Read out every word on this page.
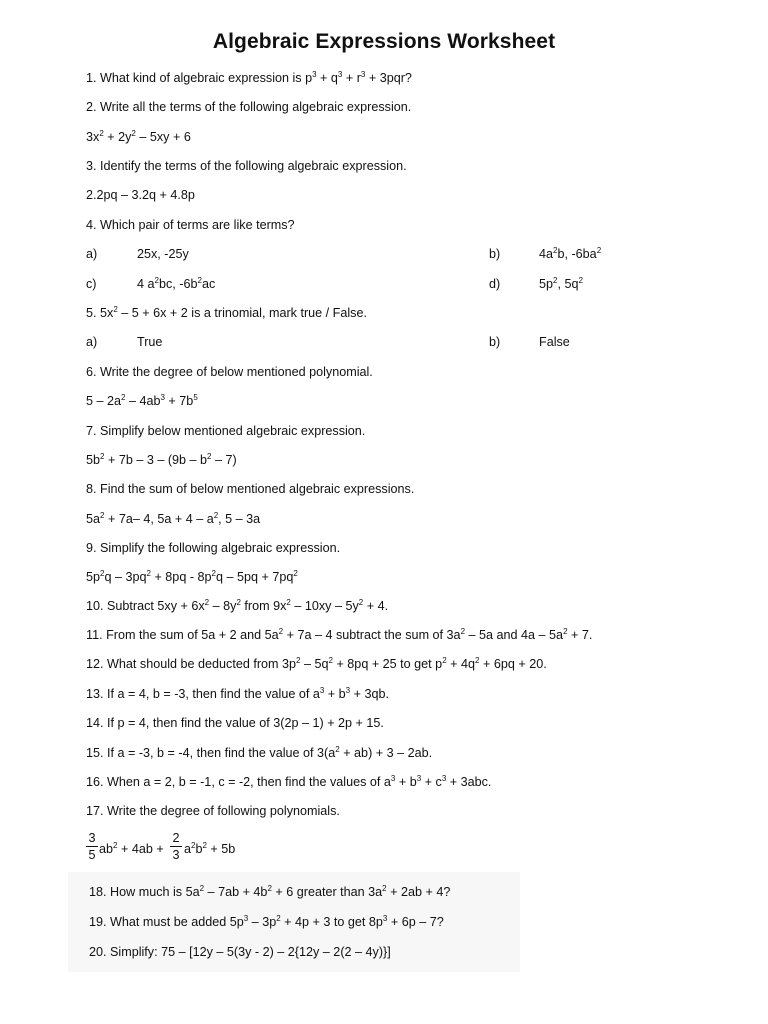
Algebraic Expressions Worksheet
1. What kind of algebraic expression is $p^3 + q^3 + r^3 + 3pqr$?
2. Write all the terms of the following algebraic expression.
$3x^2 + 2y^2 - 5xy + 6$
3. Identify the terms of the following algebraic expression.
2.2pq – 3.2q + 4.8p
4. Which pair of terms are like terms?
a)	25x, -25y	b)	$4a^2b$, $-6ba^2$
c)	4 $a^2bc$, $-6b^2ac$	d)	$5p^2$, $5q^2$
5. $5x^2 - 5 + 6x + 2$ is a trinomial, mark true / False.
a)	True	b)	False
6. Write the degree of below mentioned polynomial.
$5 - 2a^2 - 4ab^3 + 7b^5$
7. Simplify below mentioned algebraic expression.
$5b^2 + 7b - 3 - (9b - b^2 - 7)$
8. Find the sum of below mentioned algebraic expressions.
$5a^2 + 7a-$ 4, $5a + 4 - a^2$, 5 – 3a
9. Simplify the following algebraic expression.
$5p^2q - 3pq^2 + 8pq - 8p^2q - 5pq + 7pq^2$
10. Subtract $5xy + 6x^2 - 8y^2$ from $9x^2 - 10xy - 5y^2 + 4$.
11. From the sum of 5a + 2 and $5a^2 + 7a - 4$ subtract the sum of $3a^2 - 5a$ and $4a - 5a^2 + 7$.
12. What should be deducted from $3p^2 - 5q^2 + 8pq + 25$ to get $p^2 + 4q^2 + 6pq + 20$.
13. If a = 4, b = -3, then find the value of $a^3 + b^3 + 3qb$.
14. If p = 4, then find the value of 3(2p – 1) + 2p + 15.
15. If a = -3, b = -4, then find the value of $3(a^2 + ab) + 3 - 2ab$.
16. When a = 2, b = -1, c = -2, then find the values of $a^3 + b^3 + c^3 + 3abc$.
17. Write the degree of following polynomials.
3
5 $ab^2 + 4ab$ +
2
3 $a^2b^2 + 5b$
18. How much is $5a^2 - 7ab + 4b^2 + 6$ greater than $3a^2 + 2ab + 4$?
19. What must be added $5p^3 - 3p^2 + 4p + 3$ to get $8p^3 + 6p - 7$?
20. Simplify: 75 – [12y – 5(3y - 2) – 2{12y – 2(2 – 4y)}]
